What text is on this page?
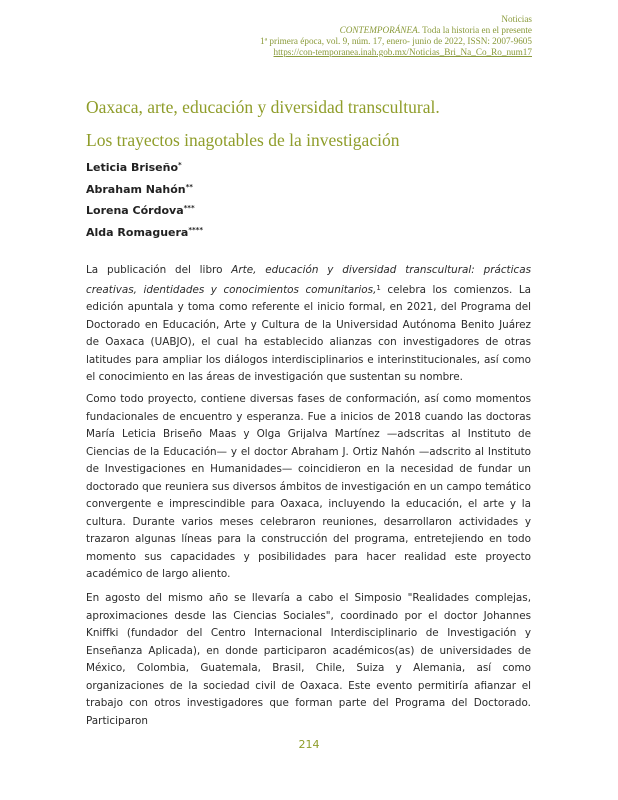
Noticias
CONTEMPORÁNEA. Toda la historia en el presente
1ª primera época, vol. 9, núm. 17, enero- junio de 2022, ISSN: 2007-9605
https://con-temporanea.inah.gob.mx/Noticias_Bri_Na_Co_Ro_num17
Oaxaca, arte, educación y diversidad transcultural.
Los trayectos inagotables de la investigación
Leticia Briseño*
Abraham Nahón**
Lorena Córdova***
Alda Romaguera****

La publicación del libro Arte, educación y diversidad transcultural: prácticas creativas, identidades y conocimientos comunitarios,$^1$ celebra los comienzos. La edición apuntala y toma como referente el inicio formal, en 2021, del Programa del Doctorado en Educación, Arte y Cultura de la Universidad Autónoma Benito Juárez de Oaxaca (UABJO), el cual ha establecido alianzas con investigadores de otras latitudes para ampliar los diálogos interdisciplinarios e interinstitucionales, así como el conocimiento en las áreas de investigación que sustentan su nombre.

Como todo proyecto, contiene diversas fases de conformación, así como momentos fundacionales de encuentro y esperanza. Fue a inicios de 2018 cuando las doctoras María Leticia Briseño Maas y Olga Grijalva Martínez —adscritas al Instituto de Ciencias de la Educación— y el doctor Abraham J. Ortiz Nahón —adscrito al Instituto de Investigaciones en Humanidades— coincidieron en la necesidad de fundar un doctorado que reuniera sus diversos ámbitos de investigación en un campo temático convergente e imprescindible para Oaxaca, incluyendo la educación, el arte y la cultura. Durante varios meses celebraron reuniones, desarrollaron actividades y trazaron algunas líneas para la construcción del programa, entretejiendo en todo momento sus capacidades y posibilidades para hacer realidad este proyecto académico de largo aliento.

En agosto del mismo año se llevaría a cabo el Simposio "Realidades complejas, aproximaciones desde las Ciencias Sociales", coordinado por el doctor Johannes Kniffki (fundador del Centro Internacional Interdisciplinario de Investigación y Enseñanza Aplicada), en donde participaron académicos(as) de universidades de México, Colombia, Guatemala, Brasil, Chile, Suiza y Alemania, así como organizaciones de la sociedad civil de Oaxaca. Este evento permitiría afianzar el trabajo con otros investigadores que forman parte del Programa del Doctorado. Participaron

214
